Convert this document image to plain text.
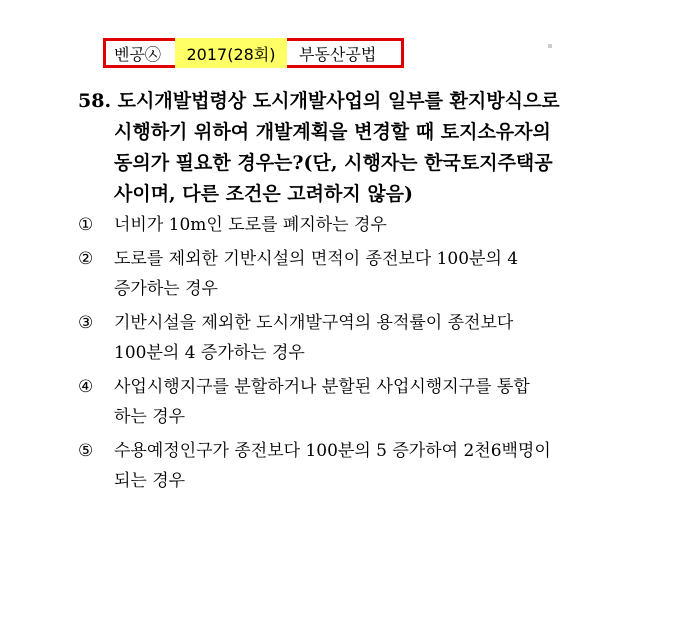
벤공㉦	2017(28회)	부동산공법
58. 도시개발법령상 도시개발사업의 일부를 환지방식으로
시행하기 위하여 개발계획을 변경할 때 토지소유자의
동의가 필요한 경우는?(단, 시행자는 한국토지주택공
사이며, 다른 조건은 고려하지 않음)
①	너비가 10m인 도로를 폐지하는 경우
②	도로를 제외한 기반시설의 면적이 종전보다 100분의 4
증가하는 경우
③	기반시설을 제외한 도시개발구역의 용적률이 종전보다
100분의 4 증가하는 경우
④	사업시행지구를 분할하거나 분할된 사업시행지구를 통합
하는 경우
⑤	수용예정인구가 종전보다 100분의 5 증가하여 2천6백명이
되는 경우
